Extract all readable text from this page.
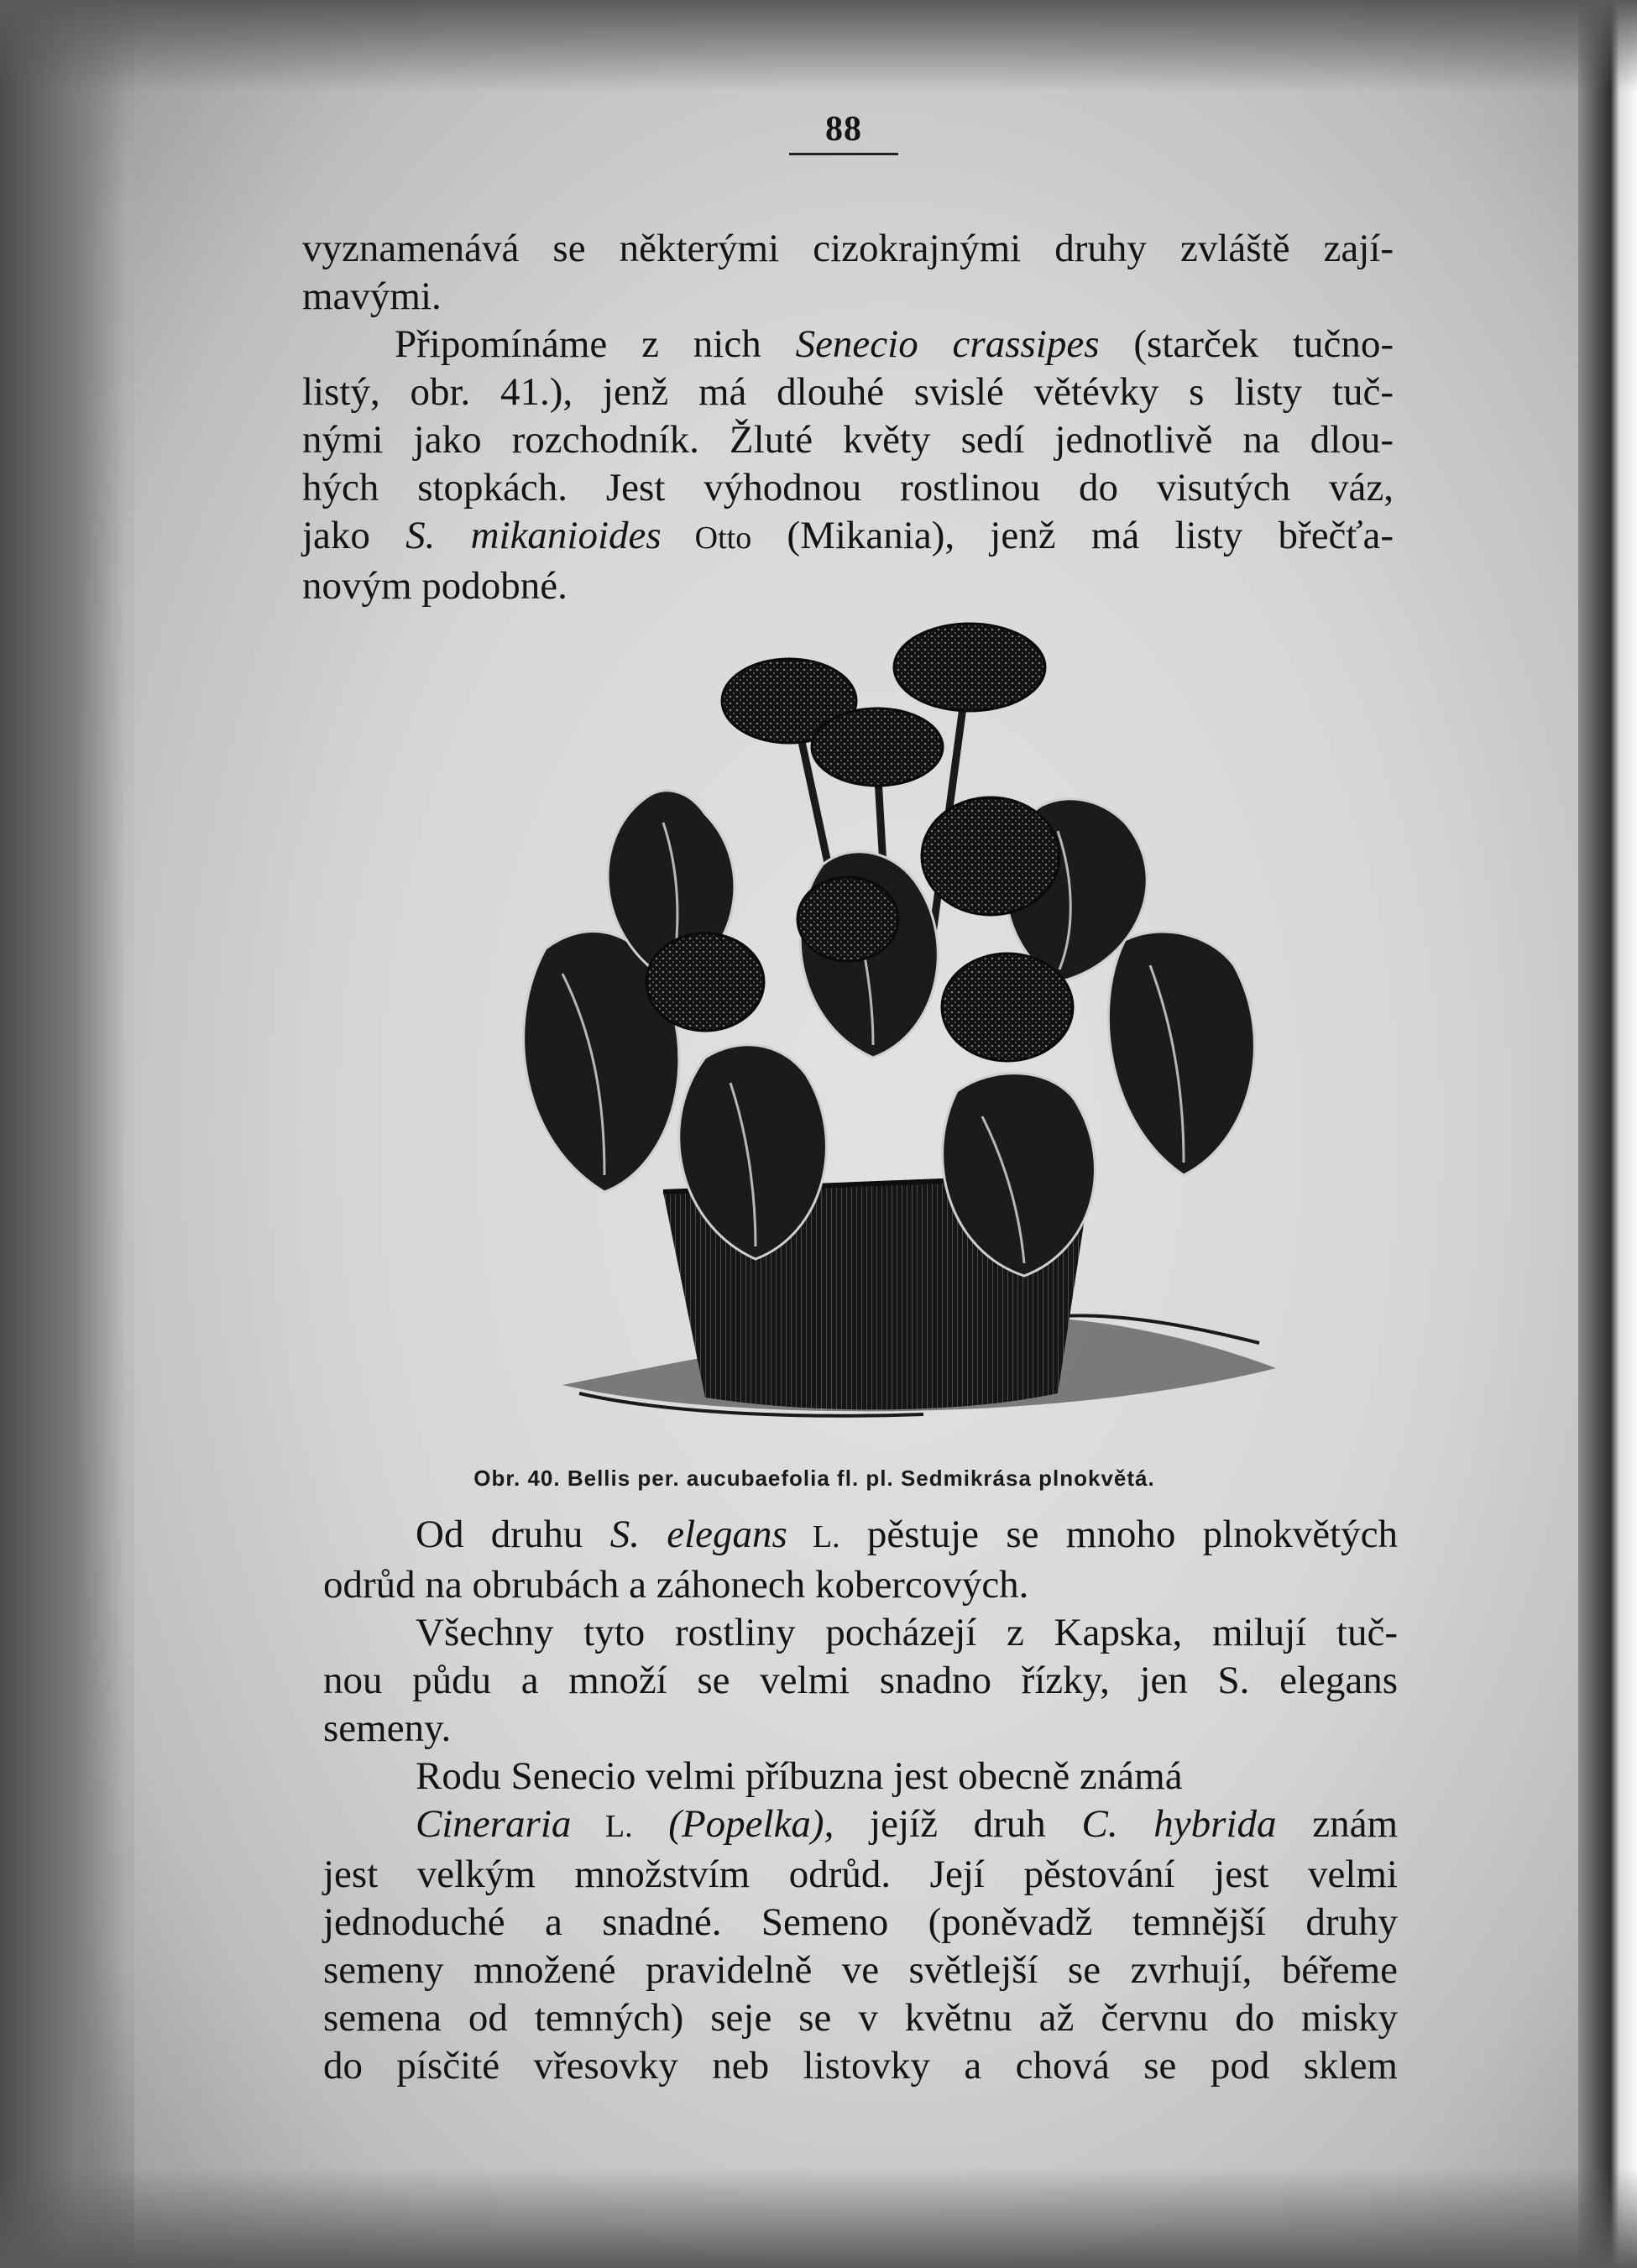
88
vyznamenává se některými cizokrajnými druhy zvláště zají-
mavými.
Připomínáme z nich Senecio crassipes (starček tučno-
listý, obr. 41.), jenž má dlouhé svislé větévky s listy tuč-
nými jako rozchodník. Žluté květy sedí jednotlivě na dlou-
hých stopkách. Jest výhodnou rostlinou do visutých váz,
jako S. mikanioides Otto (Mikania), jenž má listy břečťa-
novým podobné.
Obr. 40. Bellis per. aucubaefolia fl. pl. Sedmikrása plnokvětá.
Od druhu S. elegans L. pěstuje se mnoho plnokvětých
odrůd na obrubách a záhonech kobercových.
Všechny tyto rostliny pocházejí z Kapska, milují tuč-
nou půdu a množí se velmi snadno řízky, jen S. elegans
semeny.
Rodu Senecio velmi příbuzna jest obecně známá
Cineraria L. (Popelka), jejíž druh C. hybrida znám
jest velkým množstvím odrůd. Její pěstování jest velmi
jednoduché a snadné. Semeno (poněvadž temnější druhy
semeny množené pravidelně ve světlejší se zvrhují, béřeme
semena od temných) seje se v květnu až červnu do misky
do písčité vřesovky neb listovky a chová se pod sklem
